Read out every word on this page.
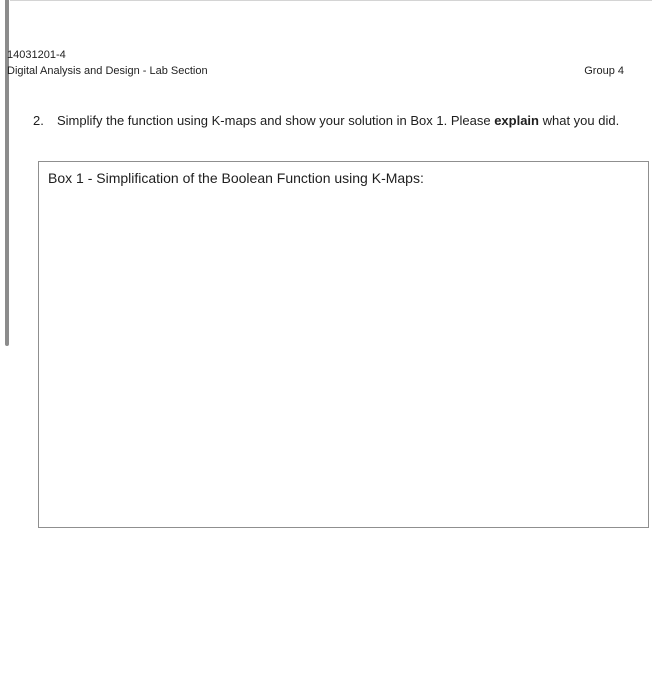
14031201-4
Digital Analysis and Design - Lab Section	Group 4
2. Simplify the function using K-maps and show your solution in Box 1. Please explain what you did.
Box 1 - Simplification of the Boolean Function using K-Maps:
